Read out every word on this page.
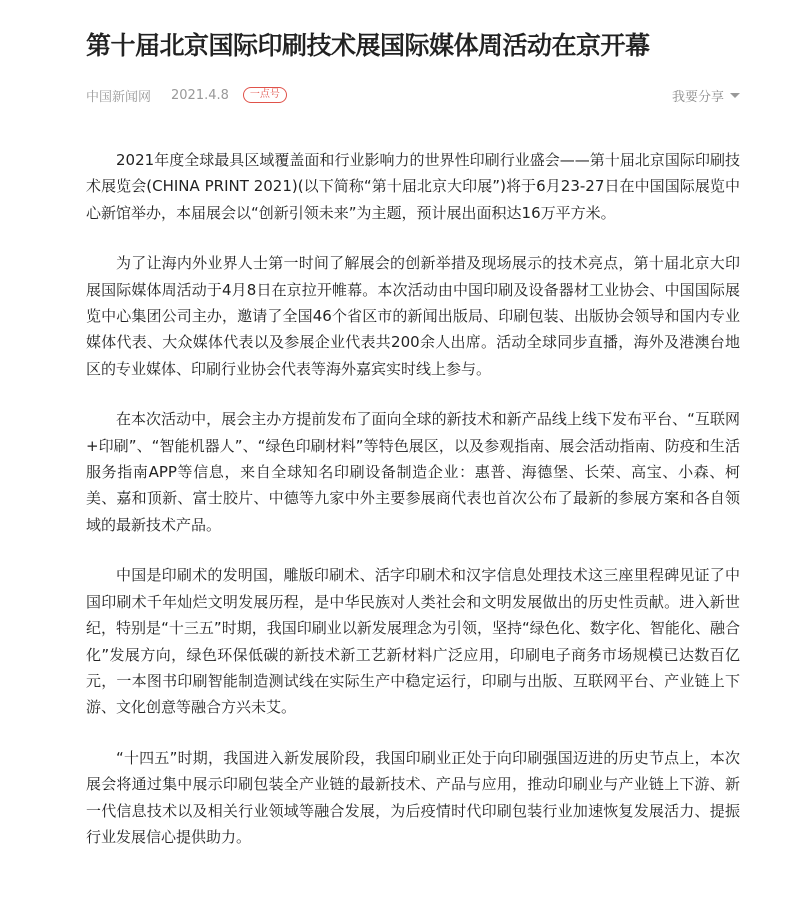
第十届北京国际印刷技术展国际媒体周活动在京开幕
中国新闻网 2021.4.8	一点号	我要分享

2021年度全球最具区域覆盖面和行业影响力的世界性印刷行业盛会——第十届北京国际印刷技术展览会(CHINA PRINT 2021)(以下简称“第十届北京大印展”)将于6月23-27日在中国国际展览中心新馆举办，本届展会以“创新引领未来”为主题，预计展出面积达16万平方米。

为了让海内外业界人士第一时间了解展会的创新举措及现场展示的技术亮点，第十届北京大印展国际媒体周活动于4月8日在京拉开帷幕。本次活动由中国印刷及设备器材工业协会、中国国际展览中心集团公司主办，邀请了全国46个省区市的新闻出版局、印刷包装、出版协会领导和国内专业媒体代表、大众媒体代表以及参展企业代表共200余人出席。活动全球同步直播，海外及港澳台地区的专业媒体、印刷行业协会代表等海外嘉宾实时线上参与。

在本次活动中，展会主办方提前发布了面向全球的新技术和新产品线上线下发布平台、“互联网+印刷”、“智能机器人”、“绿色印刷材料”等特色展区，以及参观指南、展会活动指南、防疫和生活服务指南APP等信息，来自全球知名印刷设备制造企业：惠普、海德堡、长荣、高宝、小森、柯美、嘉和顶新、富士胶片、中德等九家中外主要参展商代表也首次公布了最新的参展方案和各自领域的最新技术产品。

中国是印刷术的发明国，雕版印刷术、活字印刷术和汉字信息处理技术这三座里程碑见证了中国印刷术千年灿烂文明发展历程，是中华民族对人类社会和文明发展做出的历史性贡献。进入新世纪，特别是“十三五”时期，我国印刷业以新发展理念为引领，坚持“绿色化、数字化、智能化、融合化”发展方向，绿色环保低碳的新技术新工艺新材料广泛应用，印刷电子商务市场规模已达数百亿元，一本图书印刷智能制造测试线在实际生产中稳定运行，印刷与出版、互联网平台、产业链上下游、文化创意等融合方兴未艾。

“十四五”时期，我国进入新发展阶段，我国印刷业正处于向印刷强国迈进的历史节点上，本次展会将通过集中展示印刷包装全产业链的最新技术、产品与应用，推动印刷业与产业链上下游、新一代信息技术以及相关行业领域等融合发展，为后疫情时代印刷包装行业加速恢复发展活力、提振行业发展信心提供助力。
